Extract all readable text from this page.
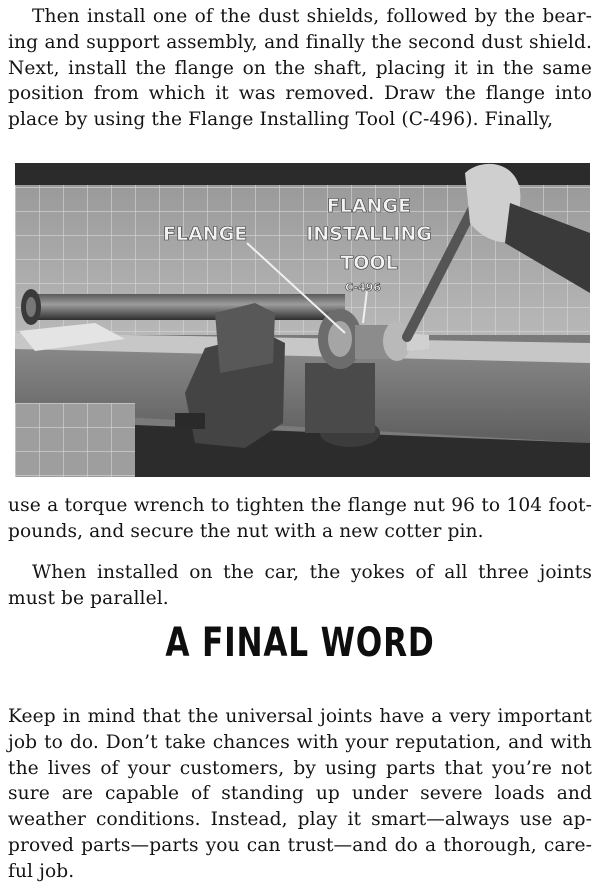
Then install one of the dust shields, followed by the bear-
ing and support assembly, and finally the second dust shield.
Next, install the flange on the shaft, placing it in the same
position from which it was removed. Draw the flange into
place by using the Flange Installing Tool (C-496). Finally,
FLANGE
FLANGE
INSTALLING
TOOL
C-496
use a torque wrench to tighten the flange nut 96 to 104 foot-
pounds, and secure the nut with a new cotter pin.
When installed on the car, the yokes of all three joints
must be parallel.
A FINAL WORD
Keep in mind that the universal joints have a very important
job to do. Don’t take chances with your reputation, and with
the lives of your customers, by using parts that you’re not
sure are capable of standing up under severe loads and
weather conditions. Instead, play it smart—always use ap-
proved parts—parts you can trust—and do a thorough, care-
ful job.
